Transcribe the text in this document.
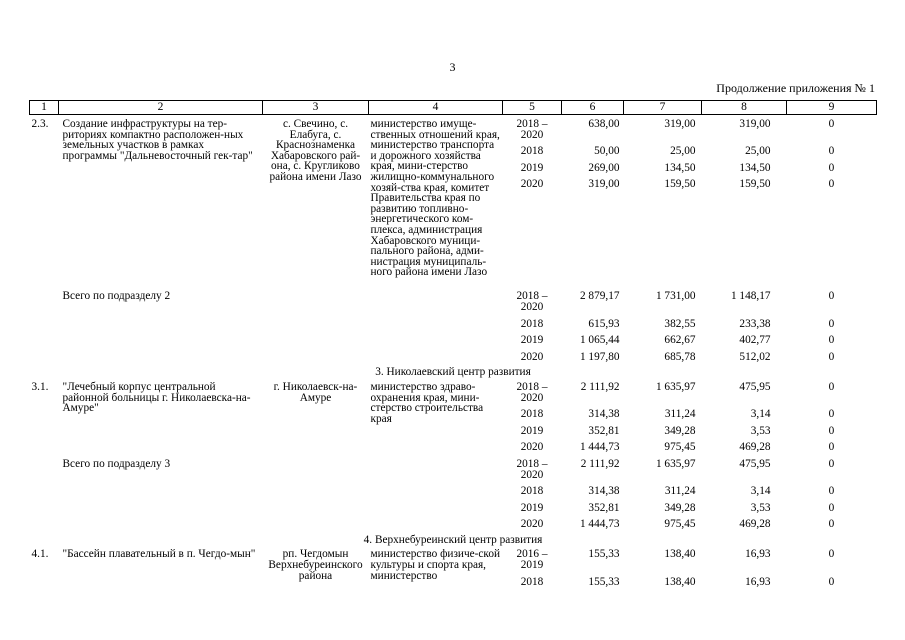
3
Продолжение приложения № 1
1	2	3	4	5	6	7	8	9
2.3.	Создание инфраструктуры на тер-риториях компактно расположен-ных земельных участков в рамках программы "Дальневосточный гек-тар"	с. Свечино, с. Елабуга, с. Краснознаменка Хабаровского рай-она, с. Кругликово района имени Лазо	министерство имуще-ственных отношений края, министерство транспорта и дорожного хозяйства края, мини-стерство жилищно-коммунального хозяй-ства края, комитет Правительства края по развитию топливно-энергетического ком-плекса, администрация Хабаровского муници-пального района, адми-нистрация муниципаль-ного района имени Лазо	2018 – 2020	638,00	319,00	319,00	0
				2018	50,00	25,00	25,00	0
				2019	269,00	134,50	134,50	0
				2020	319,00	159,50	159,50	0
	Всего по подразделу 2			2018 – 2020	2 879,17	1 731,00	1 148,17	0
				2018	615,93	382,55	233,38	0
				2019	1 065,44	662,67	402,77	0
				2020	1 197,80	685,78	512,02	0
3. Николаевский центр развития								
3.1.	"Лечебный корпус центральной районной больницы г. Николаевска-на-Амуре"	г. Николаевск-на-Амуре	министерство здраво-охранения края, мини-стерство строительства края	2018 – 2020	2 111,92	1 635,97	475,95	0
				2018	314,38	311,24	3,14	0
				2019	352,81	349,28	3,53	0
				2020	1 444,73	975,45	469,28	0
	Всего по подразделу 3			2018 – 2020	2 111,92	1 635,97	475,95	0
				2018	314,38	311,24	3,14	0
				2019	352,81	349,28	3,53	0
				2020	1 444,73	975,45	469,28	0
4. Верхнебуреинский центр развития								
4.1.	"Бассейн плавательный в п. Чегдо-мын"	рп. Чегдомын Верхнебуреинского района	министерство физиче-ской культуры и спорта края, министерство	2016 – 2019	155,33	138,40	16,93	0
				2018	155,33	138,40	16,93	0
